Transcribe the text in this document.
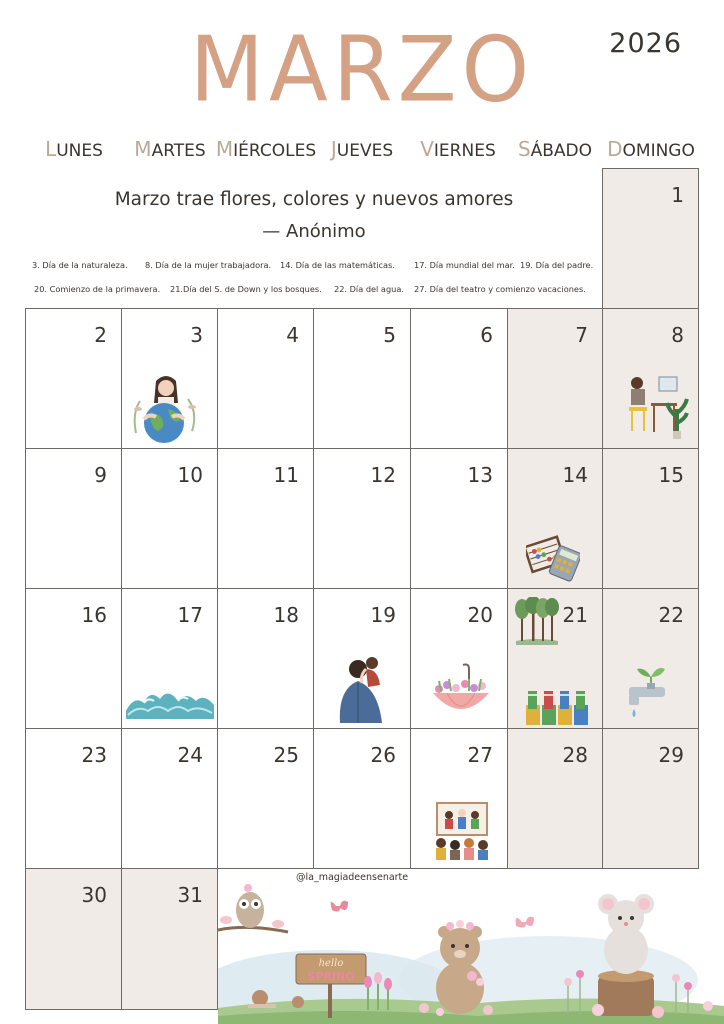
MARZO	2026
LUNES	MARTES MIÉRCOLES JUEVES	VIERNES	SÁBADO DOMINGO
Marzo trae flores, colores y nuevos amores
— Anónimo
3. Día de la naturaleza. 8. Día de la mujer trabajadora. 14. Día de las matemáticas. 17. Día mundial del mar. 19. Día del padre.
20. Comienzo de la primavera. 21.Día del S. de Down y los bosques. 22. Día del agua. 27. Día del teatro y comienzo vacaciones.
1
2	3	4	5	6	7	8
9	10	11	12	13	14	15
16	17	18	19	20	21	22
23	24	25	26	27	28	29
30	31
@la_magiadeensenarte
hello
SPRING
